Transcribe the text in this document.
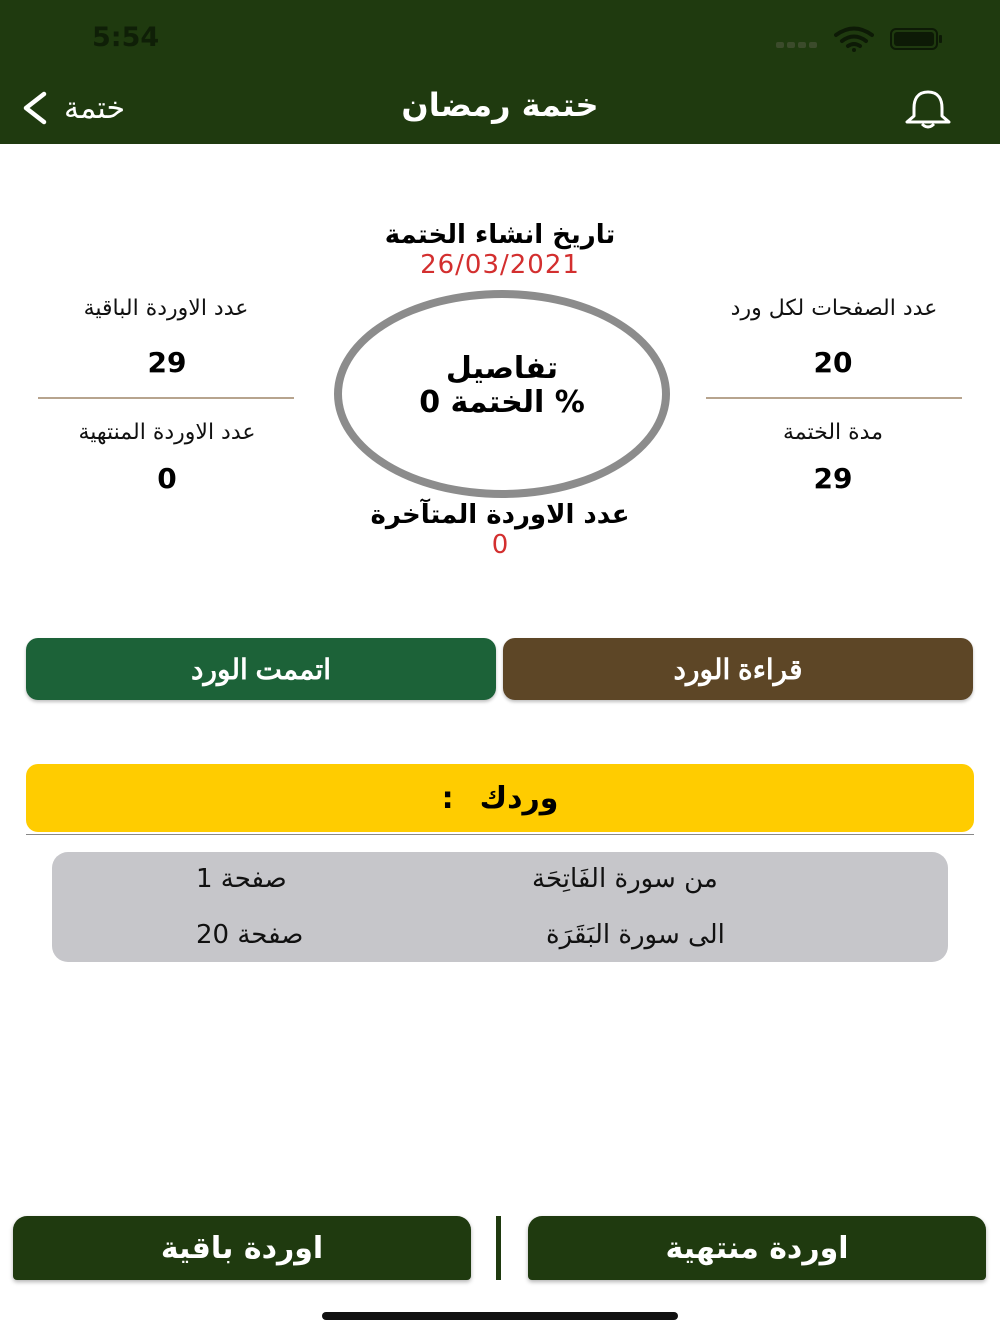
5:54
ختمة	ختمة رمضان
تاريخ انشاء الختمة
26/03/2021
عدد الصفحات لكل ورد
20
مدة الختمة
29
عدد الاوردة الباقية
29
عدد الاوردة المنتهية
0
تفاصيل
الختمة 0 %
عدد الاوردة المتآخرة
0
اتممت الورد	قراءة الورد
وردك
:
من سورة الفَاتِحَة
صفحة 1
الى سورة البَقَرَة
صفحة 20
اوردة باقية	اوردة منتهية
